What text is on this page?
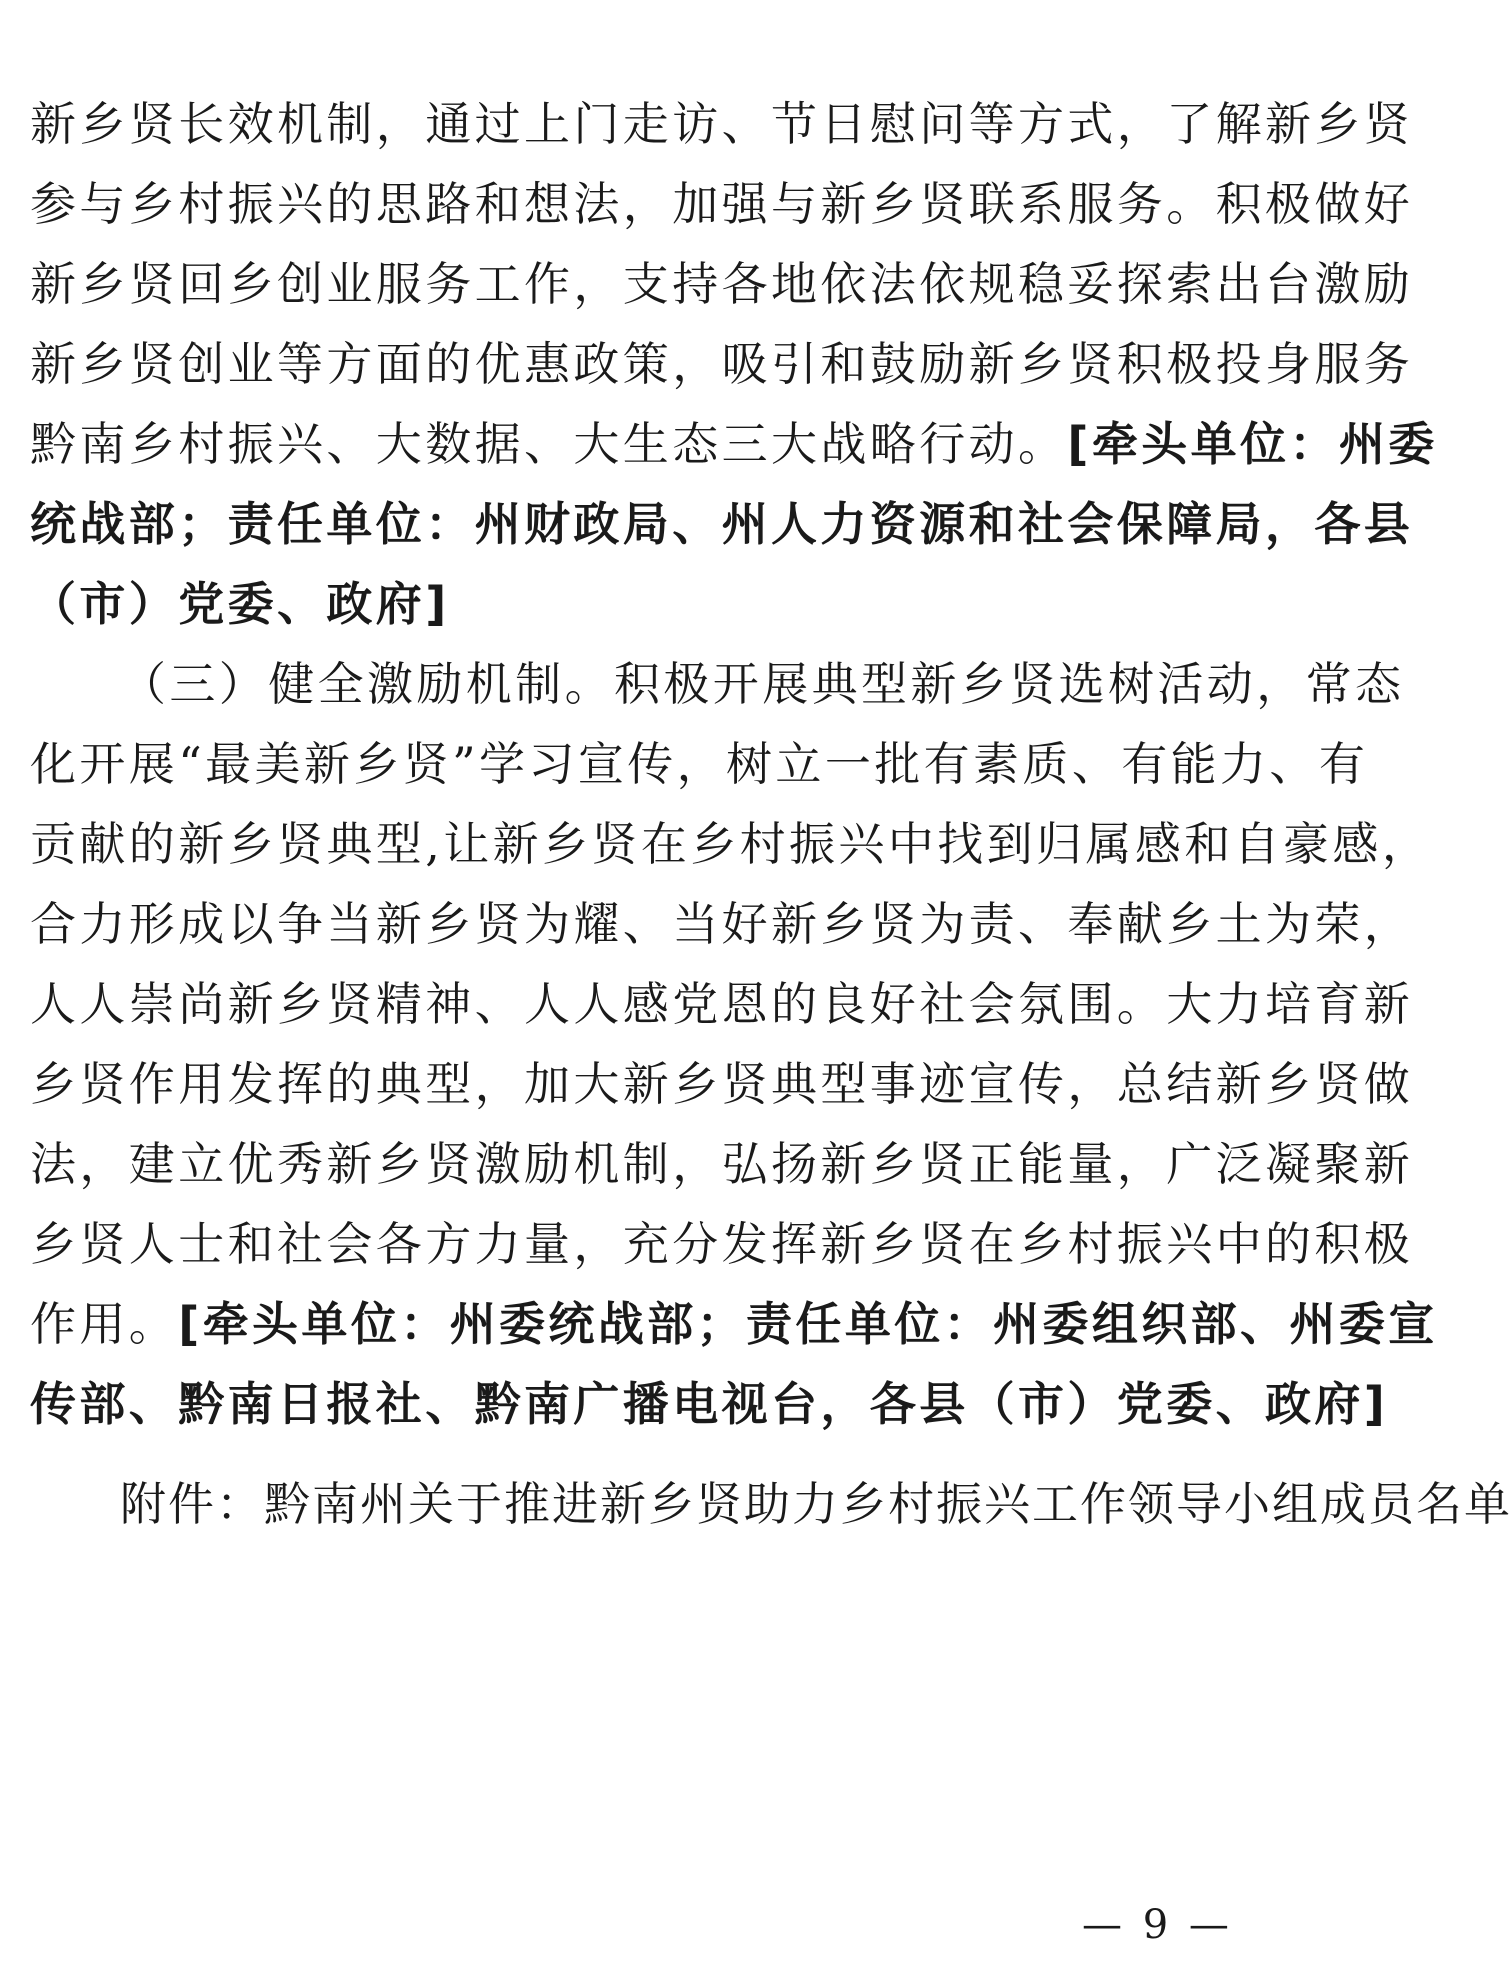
新乡贤长效机制，通过上门走访、节日慰问等方式，了解新乡贤
参与乡村振兴的思路和想法，加强与新乡贤联系服务。积极做好
新乡贤回乡创业服务工作，支持各地依法依规稳妥探索出台激励
新乡贤创业等方面的优惠政策，吸引和鼓励新乡贤积极投身服务
黔南乡村振兴、大数据、大生态三大战略行动。[牵头单位：州委
统战部；责任单位：州财政局、州人力资源和社会保障局，各县
（市）党委、政府]
（三）健全激励机制。积极开展典型新乡贤选树活动，常态
化开展“最美新乡贤”学习宣传，树立一批有素质、有能力、有
贡献的新乡贤典型,让新乡贤在乡村振兴中找到归属感和自豪感，
合力形成以争当新乡贤为耀、当好新乡贤为责、奉献乡土为荣，
人人崇尚新乡贤精神、人人感党恩的良好社会氛围。大力培育新
乡贤作用发挥的典型，加大新乡贤典型事迹宣传，总结新乡贤做
法，建立优秀新乡贤激励机制，弘扬新乡贤正能量，广泛凝聚新
乡贤人士和社会各方力量，充分发挥新乡贤在乡村振兴中的积极
作用。[牵头单位：州委统战部；责任单位：州委组织部、州委宣
传部、黔南日报社、黔南广播电视台，各县（市）党委、政府]
附件：黔南州关于推进新乡贤助力乡村振兴工作领导小组成员名单
— 9 —
